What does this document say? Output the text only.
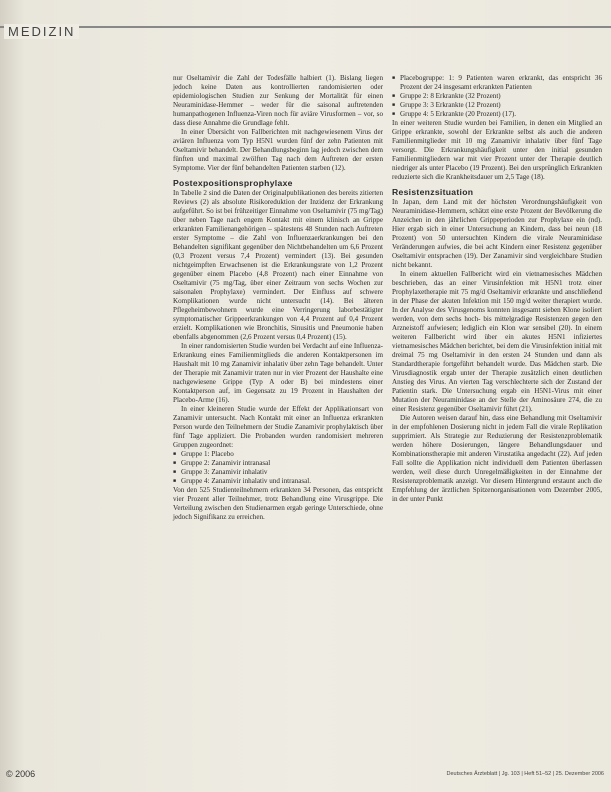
MEDIZIN

nur Oseltamivir die Zahl der Todesfälle halbiert (1). Bislang liegen jedoch keine Daten aus kontrollierten randomisierten oder epidemiologischen Studien zur Senkung der Mortalität für einen Neuraminidase-Hemmer – weder für die saisonal auftretenden humanpathogenen Influenza-Viren noch für aviäre Virusformen – vor, so dass diese Annahme die Grundlage fehlt.

In einer Übersicht von Fallberichten mit nachgewiesenem Virus der aviären Influenza vom Typ H5N1 wurden fünf der zehn Patienten mit Oseltamivir behandelt. Der Behandlungsbeginn lag jedoch zwischen dem fünften und maximal zwölften Tag nach dem Auftreten der ersten Symptome. Vier der fünf behandelten Patienten starben (12).

Postexpositionsprophylaxe

In Tabelle 2 sind die Daten der Originalpublikationen des bereits zitierten Reviews (2) als absolute Risikoreduktion der Inzidenz der Erkrankung aufgeführt. So ist bei frühzeitiger Einnahme von Oseltamivir (75 mg/Tag) über neben Tage nach engem Kontakt mit einem klinisch an Grippe erkrankten Familienangehörigen – spätestens 48 Stunden nach Auftreten erster Symptome – die Zahl von Influenzaerkrankungen bei den Behandelten signifikant gegenüber den Nichtbehandelten um 6,6 Prozent (0,3 Prozent versus 7,4 Prozent) vermindert (13). Bei gesunden nichtgeimpften Erwachsenen ist die Erkrankungsrate von 1,2 Prozent gegenüber einem Placebo (4,8 Prozent) nach einer Einnahme von Oseltamivir (75 mg/Tag, über einer Zeitraum von sechs Wochen zur saisonalen Prophylaxe) vermindert. Der Einfluss auf schwere Komplikationen wurde nicht untersucht (14). Bei älteren Pflegeheimbewohnern wurde eine Verringerung laborbestätigter symptomatischer Grippeerkrankungen von 4,4 Prozent auf 0,4 Prozent erzielt. Komplikationen wie Bronchitis, Sinusitis und Pneumonie haben ebenfalls abgenommen (2,6 Prozent versus 0,4 Prozent) (15).

In einer randomisierten Studie wurden bei Verdacht auf eine Influenza-Erkrankung eines Familienmitglieds die anderen Kontaktpersonen im Haushalt mit 10 mg Zanamivir inhalativ über zehn Tage behandelt. Unter der Therapie mit Zanamivir traten nur in vier Prozent der Haushalte eine nachgewiesene Grippe (Typ A oder B) bei mindestens einer Kontaktperson auf, im Gegensatz zu 19 Prozent in Haushalten der Placebo-Arme (16).

In einer kleineren Studie wurde der Effekt der Applikationsart von Zanamivir untersucht. Nach Kontakt mit einer an Influenza erkrankten Person wurde den Teilnehmern der Studie Zanamivir prophylaktisch über fünf Tage appliziert. Die Probanden wurden randomisiert mehreren Gruppen zugeordnet:

■ Gruppe 1: Placebo
■ Gruppe 2: Zanamivir intranasal
■ Gruppe 3: Zanamivir inhalativ
■ Gruppe 4: Zanamivir inhalativ und intranasal.

Von den 525 Studienteilnehmern erkrankten 34 Personen, das entspricht vier Prozent aller Teilnehmer, trotz Behandlung eine Virusgrippe. Die Verteilung zwischen den Studienarmen ergab geringe Unterschiede, ohne jedoch Signifikanz zu erreichen.

■ Placebogruppe: 1: 9 Patienten waren erkrankt, das entspricht 36 Prozent der 24 insgesamt erkrankten Patienten
■ Gruppe 2: 8 Erkrankte (32 Prozent)
■ Gruppe 3: 3 Erkrankte (12 Prozent)
■ Gruppe 4: 5 Erkrankte (20 Prozent) (17).

In einer weiteren Studie wurden bei Familien, in denen ein Mitglied an Grippe erkrankte, sowohl der Erkrankte selbst als auch die anderen Familienmitglieder mit 10 mg Zanamivir inhalativ über fünf Tage versorgt. Die Erkrankungshäufigkeit unter den initial gesunden Familienmitgliedern war mit vier Prozent unter der Therapie deutlich niedriger als unter Placebo (19 Prozent). Bei den ursprünglich Erkrankten reduzierte sich die Krankheitsdauer um 2,5 Tage (18).

Resistenzsituation

In Japan, dem Land mit der höchsten Verordnungshäufigkeit von Neuraminidase-Hemmern, schätzt eine erste Prozent der Bevölkerung die Anzeichen in den jährlichen Grippeperioden zur Prophylaxe ein (nd). Hier ergab sich in einer Untersuchung an Kindern, dass bei neun (18 Prozent) von 50 untersuchten Kindern die virale Neuraminidase Veränderungen aufwies, die bei acht Kindern einer Resistenz gegenüber Oseltamivir entsprachen (19). Der Zanamivir sind vergleichbare Studien nicht bekannt.

In einem aktuellen Fallbericht wird ein vietnamesisches Mädchen beschrieben, das an einer Virusinfektion mit H5N1 trotz einer Prophylaxetherapie mit 75 mg/d Oseltamivir erkrankte und anschließend in der Phase der akuten Infektion mit 150 mg/d weiter therapiert wurde. In der Analyse des Virusgenoms konnten insgesamt sieben Klone isoliert werden, von dem sechs hoch- bis mittelgradige Resistenzen gegen den Arzneistoff aufwiesen; lediglich ein Klon war sensibel (20). In einem weiteren Fallbericht wird über ein akutes H5N1 infiziertes vietnamesisches Mädchen berichtet, bei dem die Virusinfektion initial mit dreimal 75 mg Oseltamivir in den ersten 24 Stunden und dann als Standardtherapie fortgeführt behandelt wurde. Das Mädchen starb. Die Virusdiagnostik ergab unter der Therapie zusätzlich einen deutlichen Anstieg des Virus. An vierten Tag verschlechterte sich der Zustand der Patientin stark. Die Untersuchung ergab ein H5N1-Virus mit einer Mutation der Neuraminidase an der Stelle der Aminosäure 274, die zu einer Resistenz gegenüber Oseltamivir führt (21).

Die Autoren weisen darauf hin, dass eine Behandlung mit Oseltamivir in der empfohlenen Dosierung nicht in jedem Fall die virale Replikation supprimiert. Als Strategie zur Reduzierung der Resistenzproblematik werden höhere Dosierungen, längere Behandlungsdauer und Kombinationstherapie mit anderen Virustatika angedacht (22). Auf jeden Fall sollte die Applikation nicht individuell dem Patienten überlassen werden, weil diese durch Unregelmäßigkeiten in der Einnahme der Resistenzproblematik anzeigt. Vor diesem Hintergrund erstaunt auch die Empfehlung der ärztlichen Spitzenorganisationen vom Dezember 2005, in der unter Punkt

© 2006	Deutsches Ärzteblatt | Jg. 103 | Heft 51–52 | 25. Dezember 2006
